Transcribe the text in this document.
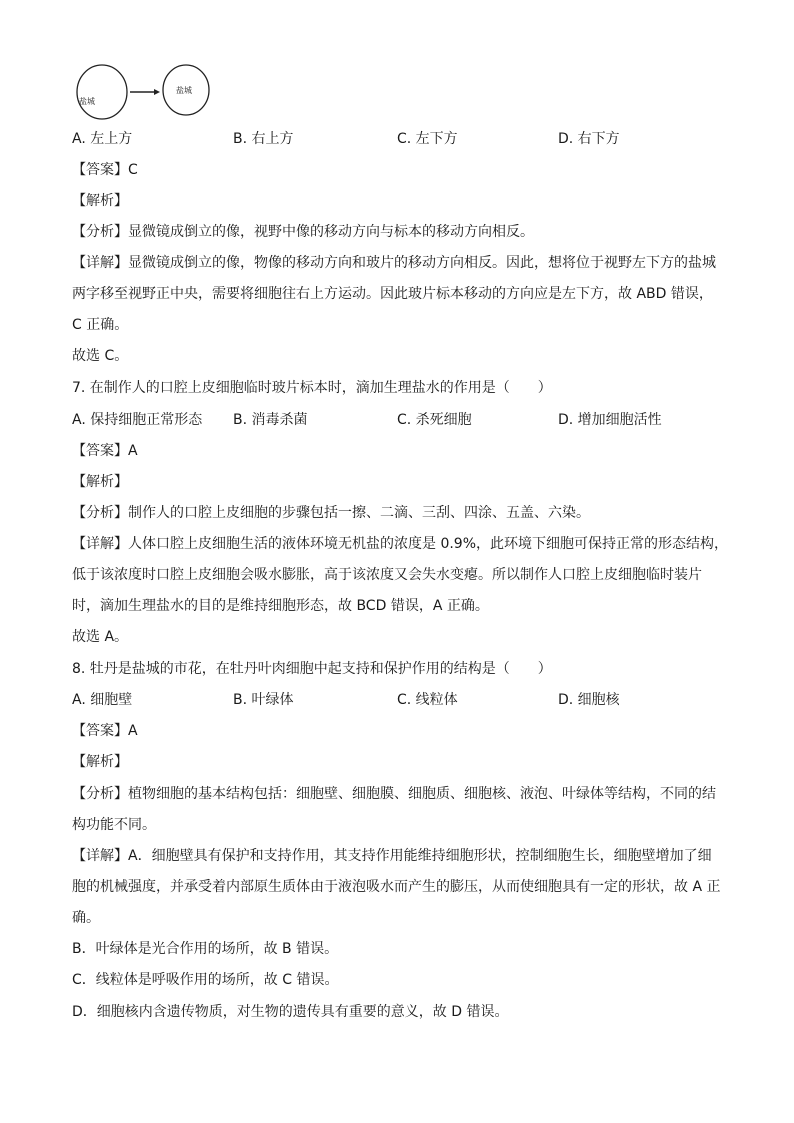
盐城
盐城
A. 左上方	B. 右上方	C. 左下方	D. 右下方
【答案】C
【解析】
【分析】显微镜成倒立的像，视野中像的移动方向与标本的移动方向相反。
【详解】显微镜成倒立的像，物像的移动方向和玻片的移动方向相反。因此，想将位于视野左下方的盐城
两字移至视野正中央，需要将细胞往右上方运动。因此玻片标本移动的方向应是左下方，故 ABD 错误，
C 正确。
故选 C。
7. 在制作人的口腔上皮细胞临时玻片标本时，滴加生理盐水的作用是（　　）
A. 保持细胞正常形态 B. 消毒杀菌	C. 杀死细胞	D. 增加细胞活性
【答案】A
【解析】
【分析】制作人的口腔上皮细胞的步骤包括一擦、二滴、三刮、四涂、五盖、六染。
【详解】人体口腔上皮细胞生活的液体环境无机盐的浓度是 0.9%，此环境下细胞可保持正常的形态结构，
低于该浓度时口腔上皮细胞会吸水膨胀，高于该浓度又会失水变瘪。所以制作人口腔上皮细胞临时装片
时，滴加生理盐水的目的是维持细胞形态，故 BCD 错误，A 正确。
故选 A。
8. 牡丹是盐城的市花，在牡丹叶肉细胞中起支持和保护作用的结构是（　　）
A. 细胞壁	B. 叶绿体	C. 线粒体	D. 细胞核
【答案】A
【解析】
【分析】植物细胞的基本结构包括：细胞壁、细胞膜、细胞质、细胞核、液泡、叶绿体等结构，不同的结
构功能不同。
【详解】A．细胞壁具有保护和支持作用，其支持作用能维持细胞形状，控制细胞生长，细胞壁增加了细
胞的机械强度，并承受着内部原生质体由于液泡吸水而产生的膨压，从而使细胞具有一定的形状，故 A 正
确。
B．叶绿体是光合作用的场所，故 B 错误。
C．线粒体是呼吸作用的场所，故 C 错误。
D．细胞核内含遗传物质，对生物的遗传具有重要的意义，故 D 错误。
